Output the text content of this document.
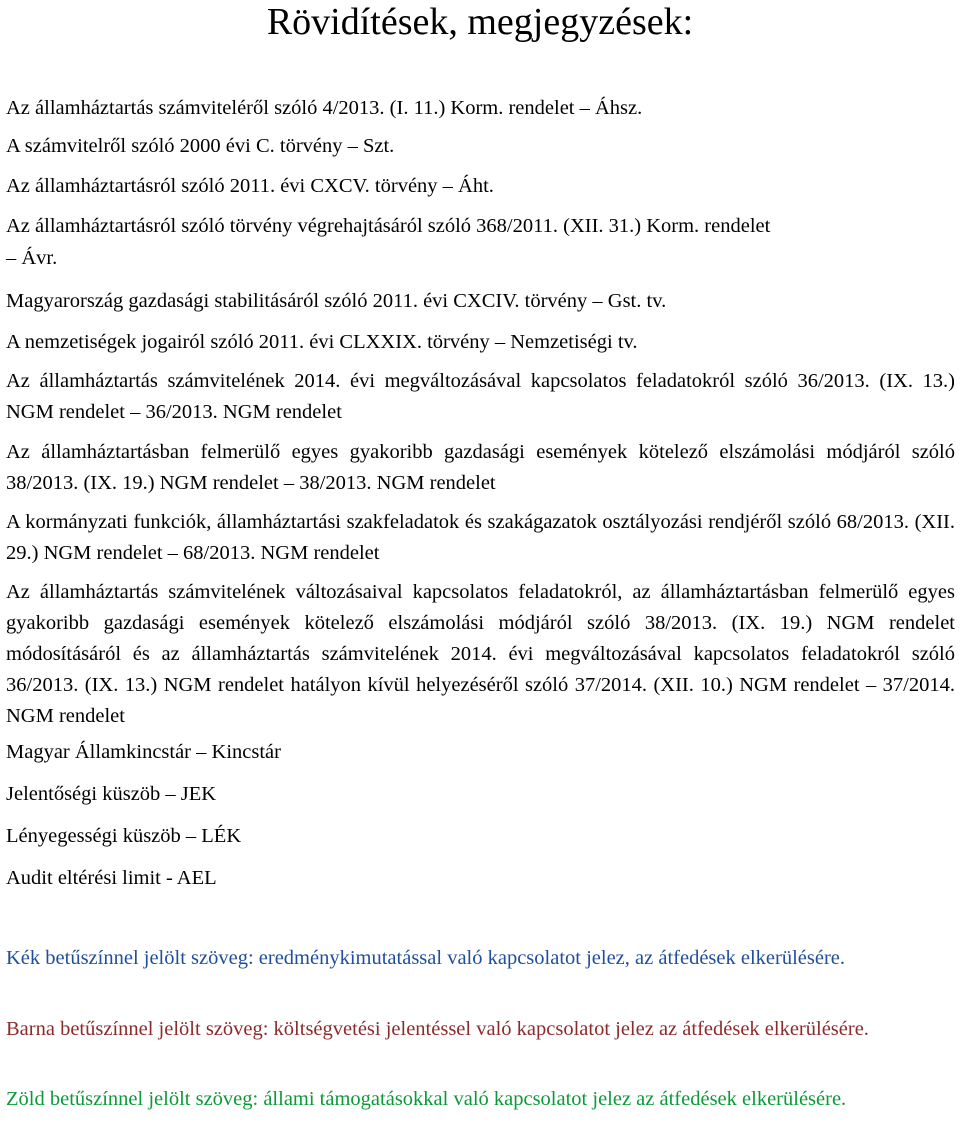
Rövidítések, megjegyzések:
Az államháztartás számviteléről szóló 4/2013. (I. 11.) Korm. rendelet – Áhsz.
A számvitelről szóló 2000 évi C. törvény – Szt.
Az államháztartásról szóló 2011. évi CXCV. törvény – Áht.
Az államháztartásról szóló törvény végrehajtásáról szóló 368/2011. (XII. 31.) Korm. rendelet
– Ávr.
Magyarország gazdasági stabilitásáról szóló 2011. évi CXCIV. törvény – Gst. tv.
A nemzetiségek jogairól szóló 2011. évi CLXXIX. törvény – Nemzetiségi tv.
Az államháztartás számvitelének 2014. évi megváltozásával kapcsolatos feladatokról szóló 36/2013. (IX. 13.) NGM rendelet – 36/2013. NGM rendelet
Az államháztartásban felmerülő egyes gyakoribb gazdasági események kötelező elszámolási módjáról szóló 38/2013. (IX. 19.) NGM rendelet – 38/2013. NGM rendelet
A kormányzati funkciók, államháztartási szakfeladatok és szakágazatok osztályozási rendjéről szóló 68/2013. (XII. 29.) NGM rendelet – 68/2013. NGM rendelet
Az államháztartás számvitelének változásaival kapcsolatos feladatokról, az államháztartásban felmerülő egyes gyakoribb gazdasági események kötelező elszámolási módjáról szóló 38/2013. (IX. 19.) NGM rendelet módosításáról és az államháztartás számvitelének 2014. évi megváltozásával kapcsolatos feladatokról szóló 36/2013. (IX. 13.) NGM rendelet hatályon kívül helyezéséről szóló 37/2014. (XII. 10.) NGM rendelet – 37/2014. NGM rendelet
Magyar Államkincstár – Kincstár
Jelentőségi küszöb – JEK
Lényegességi küszöb – LÉK
Audit eltérési limit - AEL
Kék betűszínnel jelölt szöveg: eredménykimutatással való kapcsolatot jelez, az átfedések elkerülésére.
Barna betűszínnel jelölt szöveg: költségvetési jelentéssel való kapcsolatot jelez az átfedések elkerülésére.
Zöld betűszínnel jelölt szöveg: állami támogatásokkal való kapcsolatot jelez az átfedések elkerülésére.
